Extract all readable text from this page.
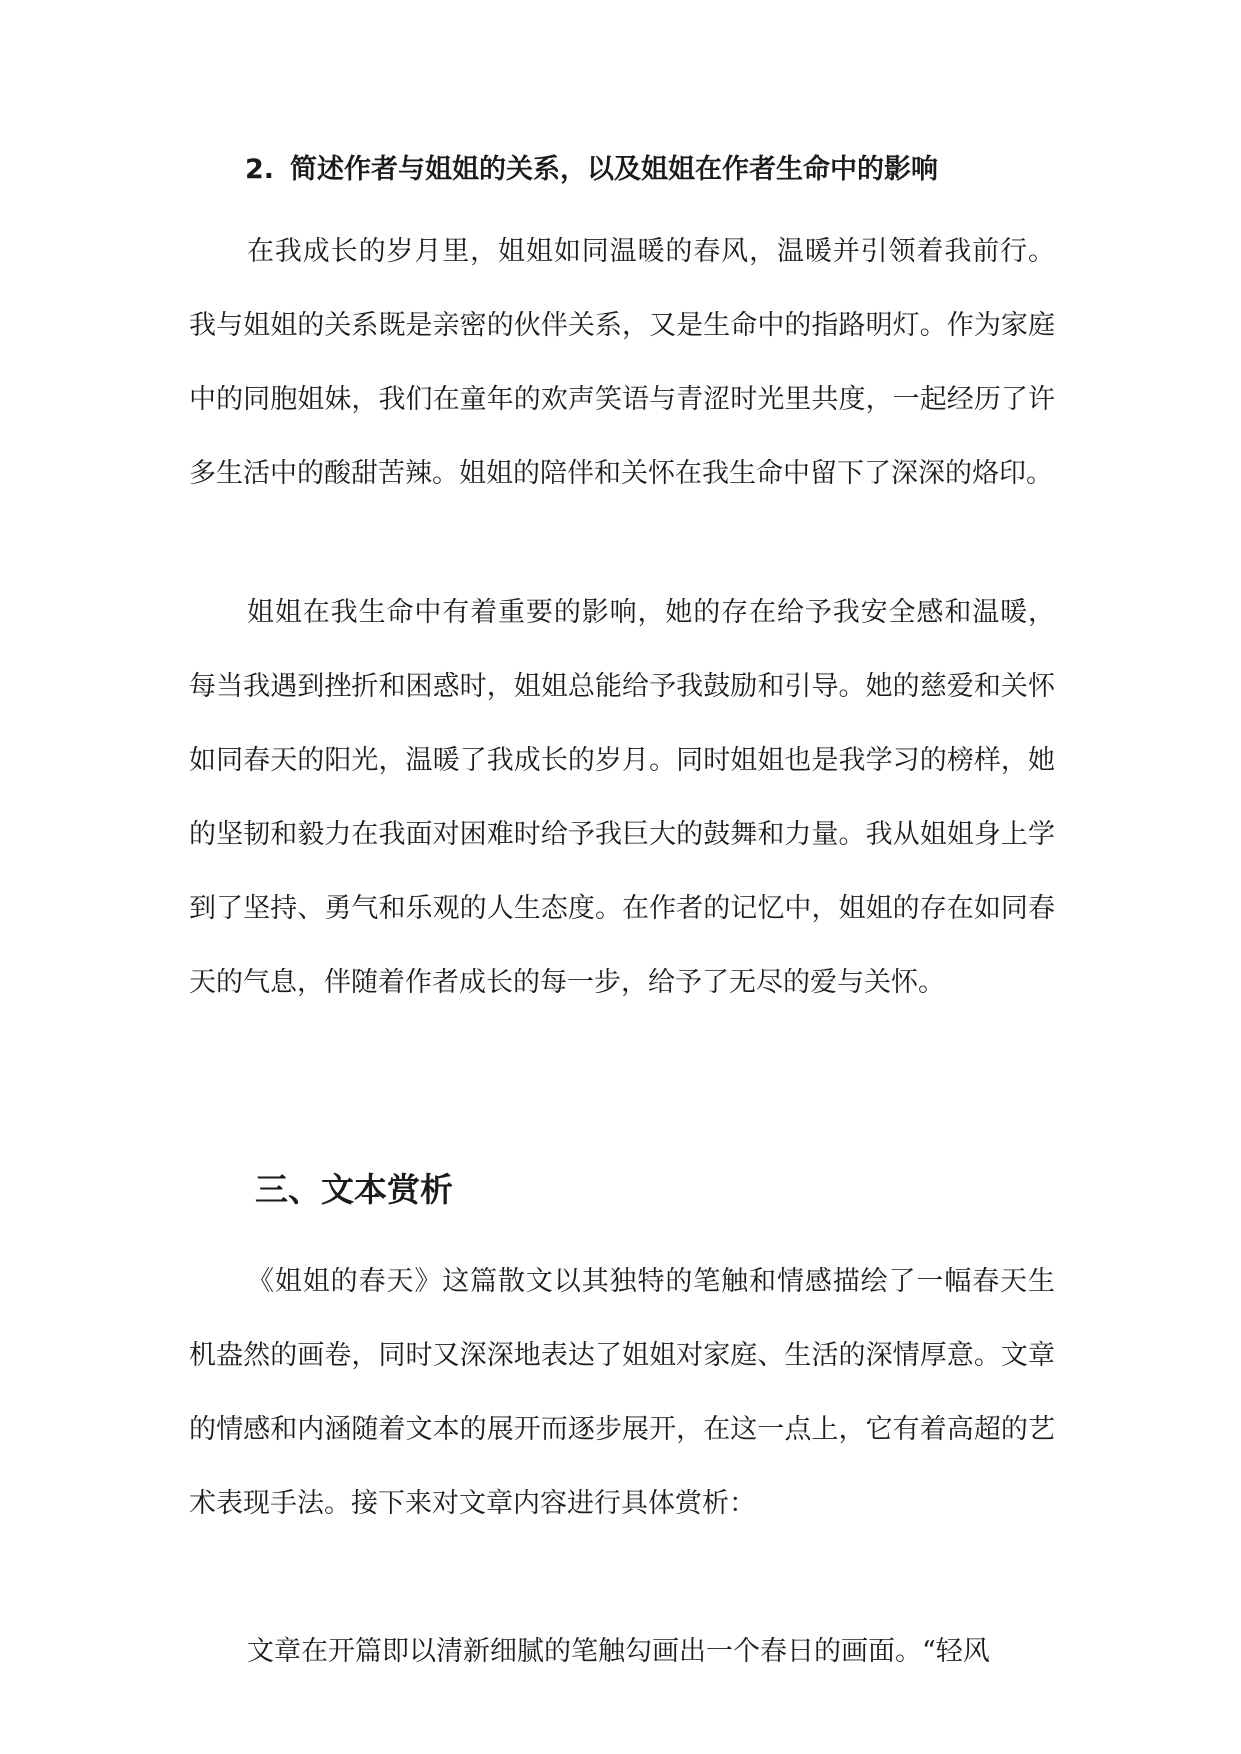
2. 简述作者与姐姐的关系，以及姐姐在作者生命中的影响

在我成长的岁月里，姐姐如同温暖的春风，温暖并引领着我前行。我与姐姐的关系既是亲密的伙伴关系，又是生命中的指路明灯。作为家庭中的同胞姐妹，我们在童年的欢声笑语与青涩时光里共度，一起经历了许多生活中的酸甜苦辣。姐姐的陪伴和关怀在我生命中留下了深深的烙印。

姐姐在我生命中有着重要的影响，她的存在给予我安全感和温暖，每当我遇到挫折和困惑时，姐姐总能给予我鼓励和引导。她的慈爱和关怀如同春天的阳光，温暖了我成长的岁月。同时姐姐也是我学习的榜样，她的坚韧和毅力在我面对困难时给予我巨大的鼓舞和力量。我从姐姐身上学到了坚持、勇气和乐观的人生态度。在作者的记忆中，姐姐的存在如同春天的气息，伴随着作者成长的每一步，给予了无尽的爱与关怀。

三、文本赏析

《姐姐的春天》这篇散文以其独特的笔触和情感描绘了一幅春天生机盎然的画卷，同时又深深地表达了姐姐对家庭、生活的深情厚意。文章的情感和内涵随着文本的展开而逐步展开，在这一点上，它有着高超的艺术表现手法。接下来对文章内容进行具体赏析：

文章在开篇即以清新细腻的笔触勾画出一个春日的画面。“轻风
